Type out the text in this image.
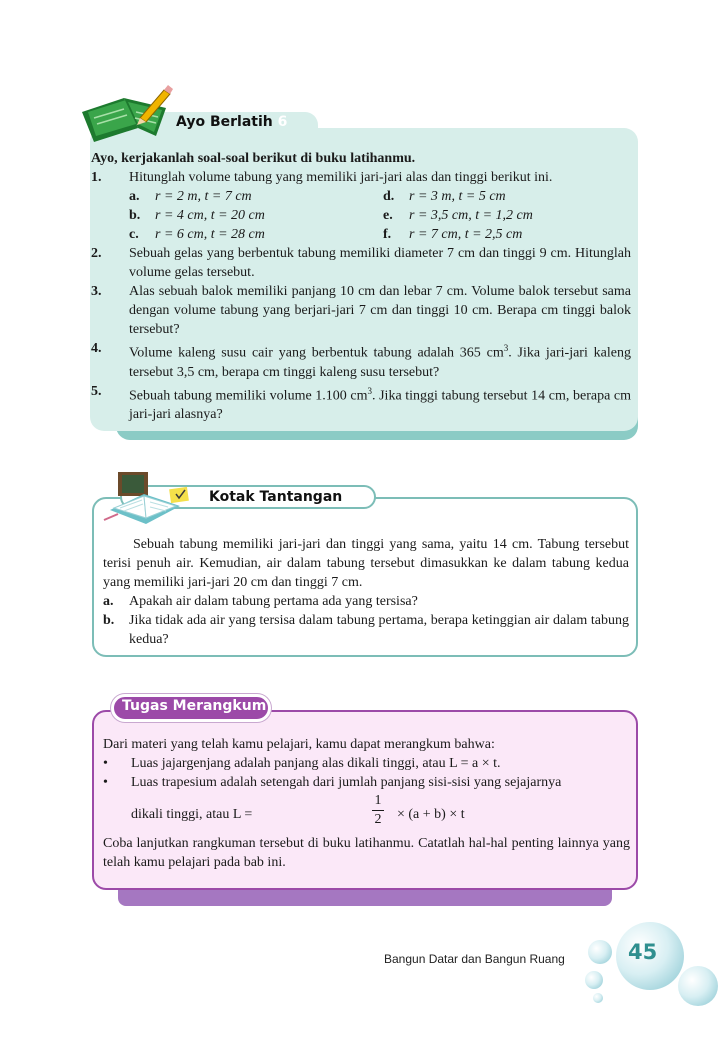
Ayo Berlatih 6
Ayo, kerjakanlah soal-soal berikut di buku latihanmu.
1. Hitunglah volume tabung yang memiliki jari-jari alas dan tinggi berikut ini.
a. r = 2 m, t = 7 cm	d. r = 3 m, t = 5 cm
b. r = 4 cm, t = 20 cm	e. r = 3,5 cm, t = 1,2 cm
c. r = 6 cm, t = 28 cm	f. r = 7 cm, t = 2,5 cm
2. Sebuah gelas yang berbentuk tabung memiliki diameter 7 cm dan tinggi 9 cm. Hitunglah volume gelas tersebut.
3. Alas sebuah balok memiliki panjang 10 cm dan lebar 7 cm. Volume balok tersebut sama dengan volume tabung yang berjari-jari 7 cm dan tinggi 10 cm. Berapa cm tinggi balok tersebut?
4. Volume kaleng susu cair yang berbentuk tabung adalah 365 $cm^3$. Jika jari-jari kaleng tersebut 3,5 cm, berapa cm tinggi kaleng susu tersebut?
5. Sebuah tabung memiliki volume 1.100 $cm^3$. Jika tinggi tabung tersebut 14 cm, berapa cm jari-jari alasnya?
Kotak Tantangan
Sebuah tabung memiliki jari-jari dan tinggi yang sama, yaitu 14 cm. Tabung tersebut terisi penuh air. Kemudian, air dalam tabung tersebut dimasukkan ke dalam tabung kedua yang memiliki jari-jari 20 cm dan tinggi 7 cm.
a. Apakah air dalam tabung pertama ada yang tersisa?
b. Jika tidak ada air yang tersisa dalam tabung pertama, berapa ketinggian air dalam tabung kedua?
Tugas Merangkum
Dari materi yang telah kamu pelajari, kamu dapat merangkum bahwa:
• Luas jajargenjang adalah panjang alas dikali tinggi, atau L = a × t.
• Luas trapesium adalah setengah dari jumlah panjang sisi-sisi yang sejajarnya
dikali tinggi, atau L =	$\frac{1}{2} \times (a + b) \times t$
Coba lanjutkan rangkuman tersebut di buku latihanmu. Catatlah hal-hal penting lainnya yang telah kamu pelajari pada bab ini.
Bangun Datar dan Bangun Ruang	45
